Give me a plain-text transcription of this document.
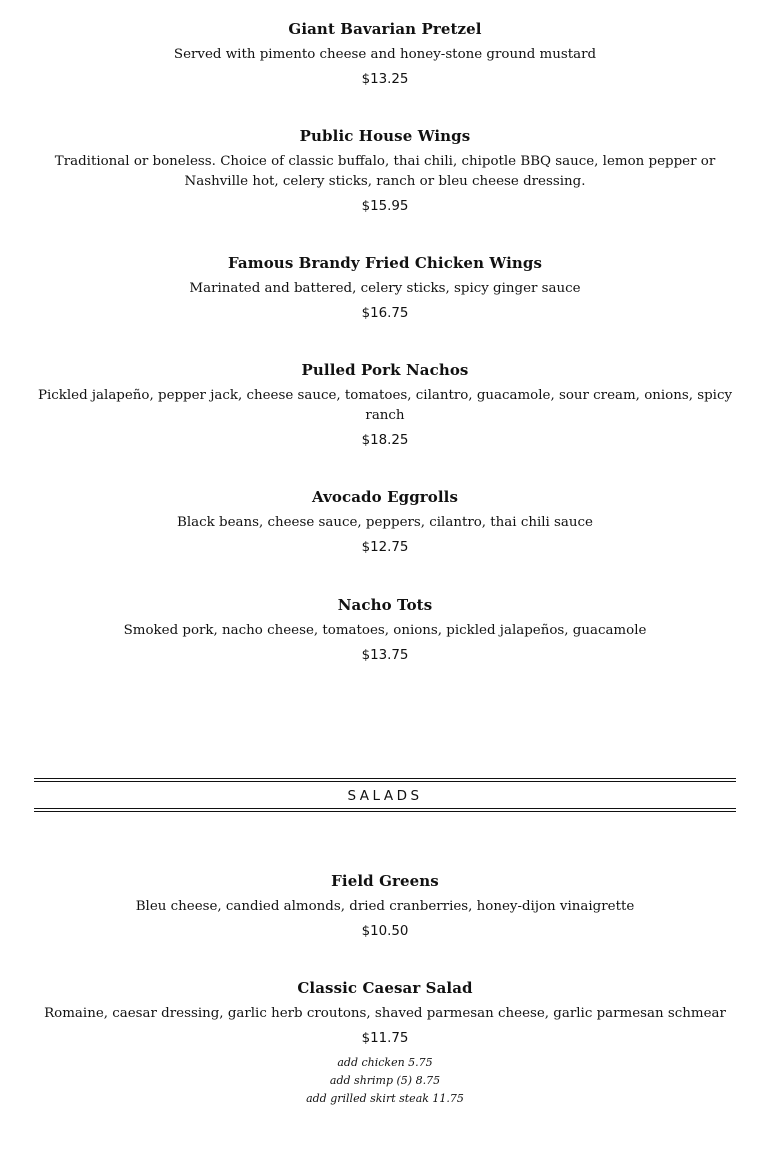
Giant Bavarian Pretzel
Served with pimento cheese and honey-stone ground mustard
$13.25
Public House Wings
Traditional or boneless. Choice of classic buffalo, thai chili, chipotle BBQ sauce, lemon pepper or Nashville hot, celery sticks, ranch or bleu cheese dressing.
$15.95
Famous Brandy Fried Chicken Wings
Marinated and battered, celery sticks, spicy ginger sauce
$16.75
Pulled Pork Nachos
Pickled jalapeño, pepper jack, cheese sauce, tomatoes, cilantro, guacamole, sour cream, onions, spicy ranch
$18.25
Avocado Eggrolls
Black beans, cheese sauce, peppers, cilantro, thai chili sauce
$12.75
Nacho Tots
Smoked pork, nacho cheese, tomatoes, onions, pickled jalapeños, guacamole
$13.75
SALADS
Field Greens
Bleu cheese, candied almonds, dried cranberries, honey-dijon vinaigrette
$10.50
Classic Caesar Salad
Romaine, caesar dressing, garlic herb croutons, shaved parmesan cheese, garlic parmesan schmear
$11.75
add chicken 5.75
add shrimp (5) 8.75
add grilled skirt steak 11.75
